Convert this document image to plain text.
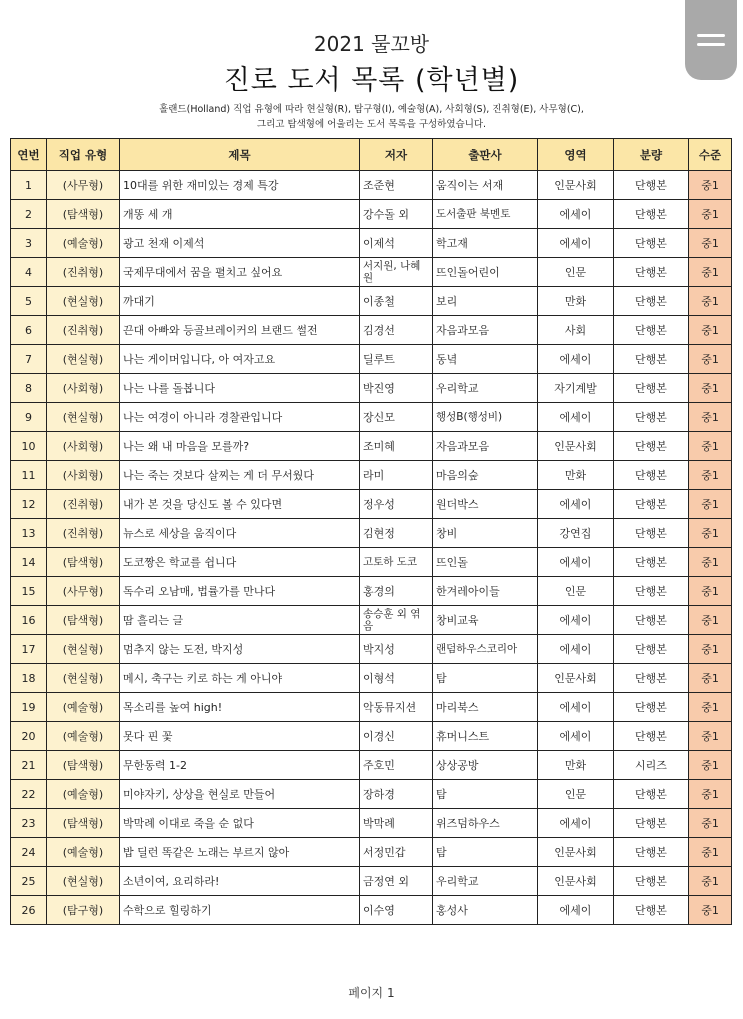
2021 물꼬방
진로 도서 목록 (학년별)
홀랜드(Holland) 직업 유형에 따라 현실형(R), 탐구형(I), 예술형(A), 사회형(S), 진취형(E), 사무형(C),
그리고 탐색형에 어울리는 도서 목록을 구성하였습니다.
연번	직업 유형	제목	저자	출판사	영역	분량	수준
1	(사무형)	10대를 위한 재미있는 경제 특강	조준현	움직이는 서재	인문사회	단행본	중1
2	(탐색형)	개똥 세 개	강수돌 외	도서출판 북멘토	에세이	단행본	중1
3	(예술형)	광고 천재 이제석	이제석	학고재	에세이	단행본	중1
4	(진취형)	국제무대에서 꿈을 펼치고 싶어요	서지원, 나혜원	뜨인돌어린이	인문	단행본	중1
5	(현실형)	까대기	이종철	보리	만화	단행본	중1
6	(진취형)	끈대 아빠와 등골브레이커의 브랜드 썰전	김경선	자음과모음	사회	단행본	중1
7	(현실형)	나는 게이머입니다, 아 여자고요	딜루트	동녘	에세이	단행본	중1
8	(사회형)	나는 나를 돌봅니다	박진영	우리학교	자기계발	단행본	중1
9	(현실형)	나는 여경이 아니라 경찰관입니다	장신모	행성B(행성비)	에세이	단행본	중1
10	(사회형)	나는 왜 내 마음을 모를까?	조미혜	자음과모음	인문사회	단행본	중1
11	(사회형)	나는 죽는 것보다 살찌는 게 더 무서웠다	라미	마음의숲	만화	단행본	중1
12	(진취형)	내가 본 것을 당신도 볼 수 있다면	정우성	원더박스	에세이	단행본	중1
13	(진취형)	뉴스로 세상을 움직이다	김현정	창비	강연집	단행본	중1
14	(탐색형)	도코짱은 학교를 쉽니다	고토하 도코	뜨인돌	에세이	단행본	중1
15	(사무형)	독수리 오남매, 법률가를 만나다	홍경의	한겨레아이들	인문	단행본	중1
16	(탐색형)	땀 흘리는 글	송승훈 외 엮음	창비교육	에세이	단행본	중1
17	(현실형)	멈추지 않는 도전, 박지성	박지성	랜덤하우스코리아	에세이	단행본	중1
18	(현실형)	메시, 축구는 키로 하는 게 아니야	이형석	탐	인문사회	단행본	중1
19	(예술형)	목소리를 높여 high!	악동뮤지션	마리북스	에세이	단행본	중1
20	(예술형)	못다 핀 꽃	이경신	휴머니스트	에세이	단행본	중1
21	(탐색형)	무한동력 1-2	주호민	상상공방	만화	시리즈	중1
22	(예술형)	미야자키, 상상을 현실로 만들어	장하경	탐	인문	단행본	중1
23	(탐색형)	박막례 이대로 죽을 순 없다	박막례	위즈덤하우스	에세이	단행본	중1
24	(예술형)	밥 딜런 똑같은 노래는 부르지 않아	서정민갑	탐	인문사회	단행본	중1
25	(현실형)	소년이여, 요리하라!	금정연 외	우리학교	인문사회	단행본	중1
26	(탐구형)	수학으로 힐링하기	이수영	홍성사	에세이	단행본	중1
페이지 1
